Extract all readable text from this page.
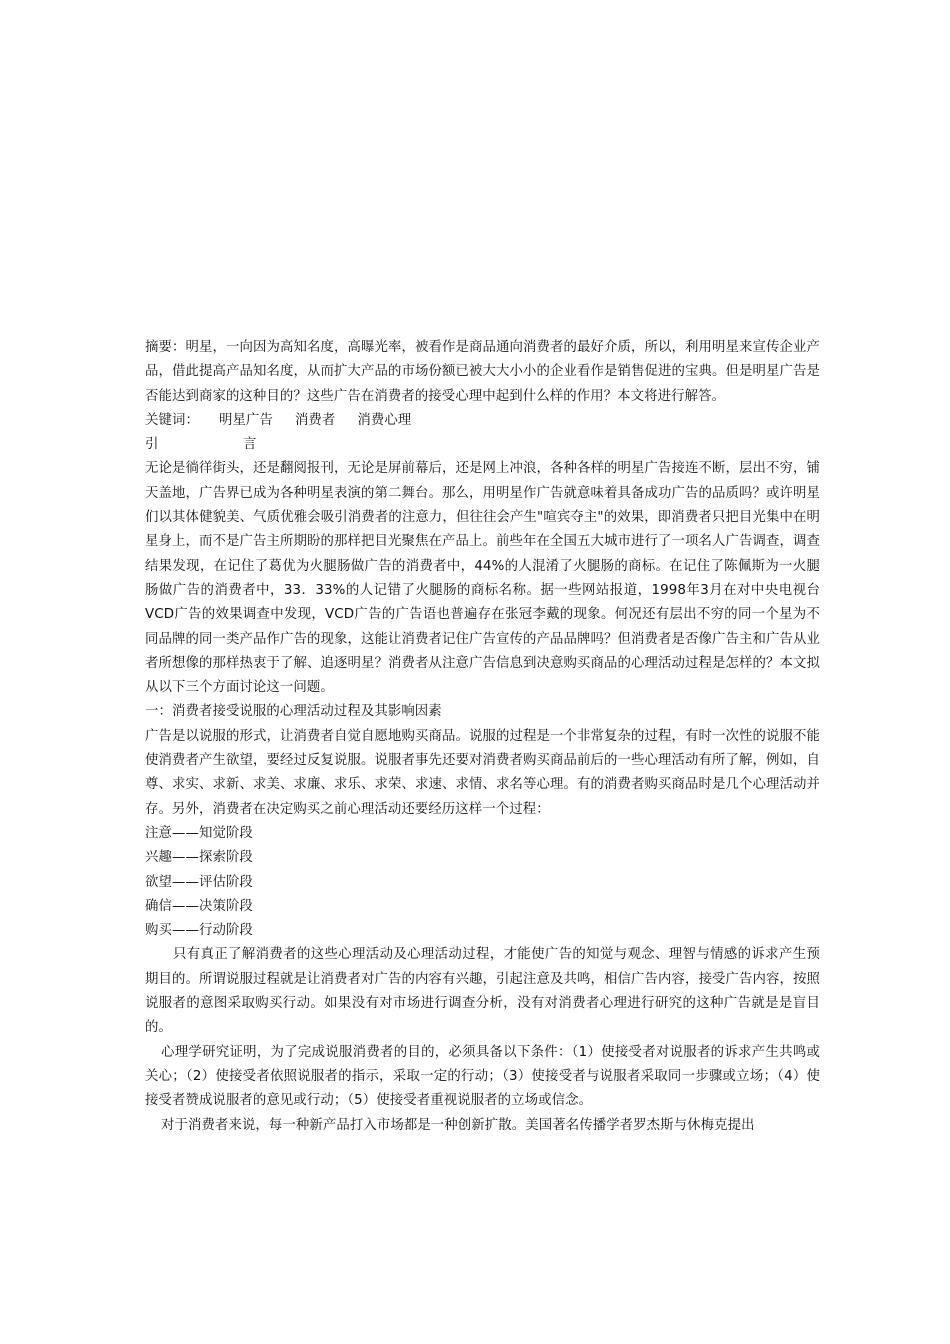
摘要：明星，一向因为高知名度，高曝光率，被看作是商品通向消费者的最好介质，所以，利用明星来宣传企业产品，借此提高产品知名度，从而扩大产品的市场份额已被大大小小的企业看作是销售促进的宝典。但是明星广告是否能达到商家的这种目的？这些广告在消费者的接受心理中起到什么样的作用？本文将进行解答。

关键词： 明星广告 消费者 消费心理

引	言

无论是徜徉街头，还是翻阅报刊，无论是屏前幕后，还是网上冲浪，各种各样的明星广告接连不断，层出不穷，铺天盖地，广告界已成为各种明星表演的第二舞台。那么，用明星作广告就意味着具备成功广告的品质吗？或许明星们以其体健貌美、气质优雅会吸引消费者的注意力，但往往会产生"喧宾夺主"的效果，即消费者只把目光集中在明星身上，而不是广告主所期盼的那样把目光聚焦在产品上。前些年在全国五大城市进行了一项名人广告调查，调查结果发现，在记住了葛优为火腿肠做广告的消费者中，44%的人混淆了火腿肠的商标。在记住了陈佩斯为一火腿肠做广告的消费者中，33．33%的人记错了火腿肠的商标名称。据一些网站报道，1998年3月在对中央电视台VCD广告的效果调查中发现，VCD广告的广告语也普遍存在张冠李戴的现象。何况还有层出不穷的同一个星为不同品牌的同一类产品作广告的现象，这能让消费者记住广告宣传的产品品牌吗？但消费者是否像广告主和广告从业者所想像的那样热衷于了解、追逐明星？消费者从注意广告信息到决意购买商品的心理活动过程是怎样的？本文拟从以下三个方面讨论这一问题。

一：消费者接受说服的心理活动过程及其影响因素

广告是以说服的形式，让消费者自觉自愿地购买商品。说服的过程是一个非常复杂的过程，有时一次性的说服不能使消费者产生欲望，要经过反复说服。说服者事先还要对消费者购买商品前后的一些心理活动有所了解，例如，自尊、求实、求新、求美、求廉、求乐、求荣、求速、求情、求名等心理。有的消费者购买商品时是几个心理活动并存。另外，消费者在决定购买之前心理活动还要经历这样一个过程：

注意——知觉阶段

兴趣——探索阶段

欲望——评估阶段

确信——决策阶段

购买——行动阶段

只有真正了解消费者的这些心理活动及心理活动过程，才能使广告的知觉与观念、理智与情感的诉求产生预期目的。所谓说服过程就是让消费者对广告的内容有兴趣，引起注意及共鸣，相信广告内容，接受广告内容，按照说服者的意图采取购买行动。如果没有对市场进行调查分析，没有对消费者心理进行研究的这种广告就是是盲目的。

心理学研究证明，为了完成说服消费者的目的，必须具备以下条件：（1）使接受者对说服者的诉求产生共鸣或关心；（2）使接受者依照说服者的指示，采取一定的行动；（3）使接受者与说服者采取同一步骤或立场；（4）使接受者赞成说服者的意见或行动；（5）使接受者重视说服者的立场或信念。

对于消费者来说，每一种新产品打入市场都是一种创新扩散。美国著名传播学者罗杰斯与休梅克提出
